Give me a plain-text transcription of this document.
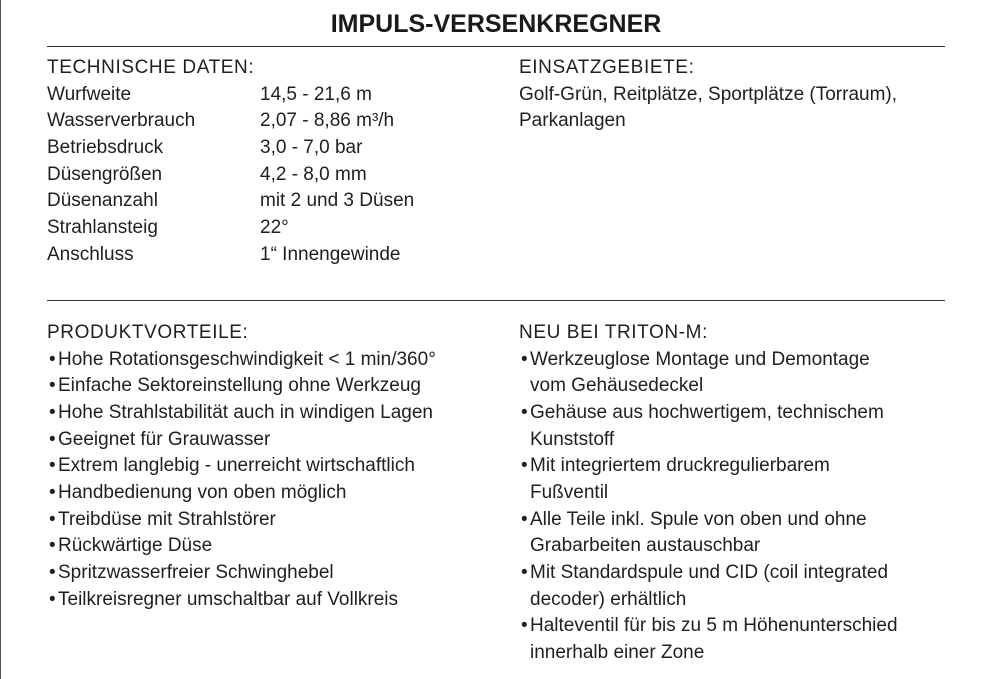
IMPULS-VERSENKREGNER
TECHNISCHE DATEN:
Wurfweite	14,5 - 21,6 m
Wasserverbrauch	2,07 - 8,86 m³/h
Betriebsdruck	3,0 - 7,0 bar
Düsengrößen	4,2 - 8,0 mm
Düsenanzahl	mit 2 und 3 Düsen
Strahlansteig	22°
Anschluss	1“ Innengewinde
EINSATZGEBIETE:
Golf-Grün, Reitplätze, Sportplätze (Torraum),
Parkanlagen
PRODUKTVORTEILE:
• Hohe Rotationsgeschwindigkeit < 1 min/360°
• Einfache Sektoreinstellung ohne Werkzeug
• Hohe Strahlstabilität auch in windigen Lagen
• Geeignet für Grauwasser
• Extrem langlebig - unerreicht wirtschaftlich
• Handbedienung von oben möglich
• Treibdüse mit Strahlstörer
• Rückwärtige Düse
• Spritzwasserfreier Schwinghebel
• Teilkreisregner umschaltbar auf Vollkreis
NEU BEI TRITON-M:
• Werkzeuglose Montage und Demontage
vom Gehäusedeckel
• Gehäuse aus hochwertigem, technischem
Kunststoff
• Mit integriertem druckregulierbarem
Fußventil
• Alle Teile inkl. Spule von oben und ohne
Grabarbeiten austauschbar
• Mit Standardspule und CID (coil integrated
decoder) erhältlich
• Halteventil für bis zu 5 m Höhenunterschied
innerhalb einer Zone
